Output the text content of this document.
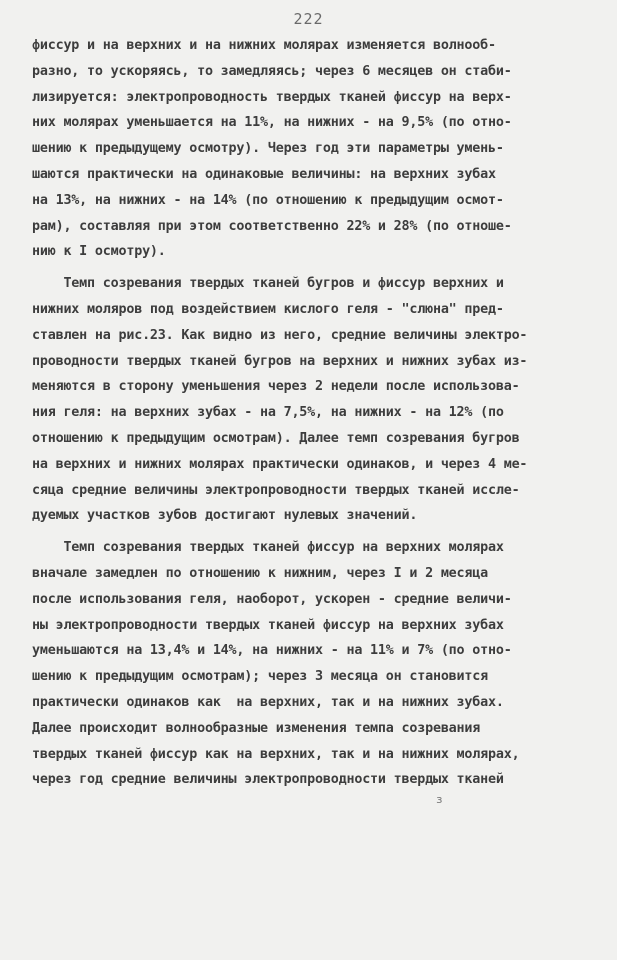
222
фиссур и на верхних и на нижних молярах изменяется волнооб-
разно, то ускоряясь, то замедляясь; через 6 месяцев он стаби-
лизируется: электропроводность твердых тканей фиссур на верх-
них молярах уменьшается на 11%, на нижних - на 9,5% (по отно-
шению к предыдущему осмотру). Через год эти параметры умень-
шаются практически на одинаковые величины: на верхних зубах
на 13%, на нижних - на 14% (по отношению к предыдущим осмот-
рам), составляя при этом соответственно 22% и 28% (по отноше-
нию к I осмотру).
Темп созревания твердых тканей бугров и фиссур верхних и
нижних моляров под воздействием кислого геля - "слюна" пред-
ставлен на рис.23. Как видно из него, средние величины электро-
проводности твердых тканей бугров на верхних и нижних зубах из-
меняются в сторону уменьшения через 2 недели после использова-
ния геля: на верхних зубах - на 7,5%, на нижних - на 12% (по
отношению к предыдущим осмотрам). Далее темп созревания бугров
на верхних и нижних молярах практически одинаков, и через 4 ме-
сяца средние величины электропроводности твердых тканей иссле-
дуемых участков зубов достигают нулевых значений.
Темп созревания твердых тканей фиссур на верхних молярах
вначале замедлен по отношению к нижним, через I и 2 месяца
после использования геля, наоборот, ускорен - средние величи-
ны электропроводности твердых тканей фиссур на верхних зубах
уменьшаются на 13,4% и 14%, на нижних - на 11% и 7% (по отно-
шению к предыдущим осмотрам); через 3 месяца он становится
практически одинаков как  на верхних, так и на нижних зубах.
Далее происходит волнообразные изменения темпа созревания
твердых тканей фиссур как на верхних, так и на нижних молярах,
через год средние величины электропроводности твердых тканей
з
